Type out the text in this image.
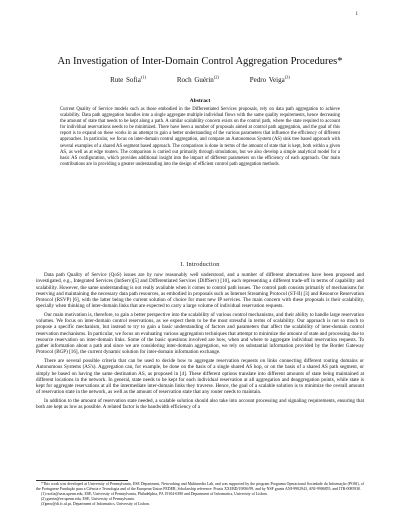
1
An Investigation of Inter-Domain Control Aggregation Procedures*
Rute Sofia$^{(1)}$	Roch Guérin$^{(2)}$	Pedro Veiga$^{(3)}$
Abstract
Current Quality of Service models such as those embodied in the Differentiated Services proposals, rely on data path aggregation to achieve scalability. Data path aggregation bundles into a single aggregate multiple individual flows with the same quality requirements, hence decreasing the amount of state that needs to be kept along a path. A similar scalability concern exists on the control path, where the state required to account for individual reservations needs to be minimized. There have been a number of proposals aimed at control path aggregation, and the goal of this report is to expand on these works in an attempt to gain a better understanding of the various parameters that influence the efficiency of different approaches. In particular, we focus on inter-domain control aggregation, and compare an Autonomous System (AS) sink tree based approach with several examples of a shared AS segment based approach. The comparison is done in terms of the amount of state that is kept, both within a given AS, as well as at edge routers. The comparison is carried out primarily through simulations, but we also develop a simple analytical model for a basic AS configuration, which provides additional insight into the impact of different parameters on the efficiency of each approach. Our main contributions are in providing a greater understanding into the design of efficient control path aggregation methods.
I. Introduction

Data path Quality of Service (QoS) issues are by now reasonably well understood, and a number of different alternatives have been proposed and investigated, e.g., Integrated Services (IntServ)[5] and Differentiated Services (DiffServ) [10], each representing a different trade-off in terms of capability and scalability. However, the same understanding is not really available when it comes to control path issues. The control path consists primarily of mechanisms for reserving and maintaining the necessary data path resources, as embodied in proposals such as Internet Streaming Protocol (ST-II) [3] and Resource Reservation Protocol (RSVP) [6], with the latter being the current solution of choice for most new IP services. The main concern with these proposals is their scalability, specially when thinking of inter-domain links that are expected to carry a large volume of individual reservation requests.

Our main motivation is, therefore, to gain a better perspective into the scalability of various control mechanisms, and their ability to handle large reservation volumes. We focus on inter-domain control reservations, as we expect them to be the most stressful in terms of scalability. Our approach is not so much to propose a specific mechanism, but instead to try to gain a basic understanding of factors and parameters that affect the scalability of inter-domain control reservation mechanisms. In particular, we focus on evaluating various aggregation techniques that attempt to minimize the amount of state and processing due to resource reservation on inter-domain links. Some of the basic questions involved are how, when and where to aggregate individual reservation requests. To gather information about a path and since we are considering inter-domain aggregation, we rely on substantial information provided by the Border Gateway Protocol (BGP) [16], the current dynamic solution for inter-domain information exchange.

There are several possible criteria that can be used to decide how to aggregate reservation requests on links connecting different routing domains or Autonomous Systems (AS's). Aggregation can, for example, be done on the basis of a single shared AS hop, or on the basis of a shared AS path segment, or simply be based on having the same destination AS, as proposed in [4]. These different options translate into different amounts of state being maintained at different locations in the network. In general, state needs to be kept for each individual reservation at all aggregation and deaggregation points, while state is kept for aggregate reservations at all the intermediate inter-domain links they traverse. Hence, the goal of a scalable solution is to minimize the overall amount of reservation state in the network, as well as the amount of reservation state that any router needs to maintain.

In addition to the amount of reservation state needed, a scalable solution should also take into account processing and signaling requirements, ensuring that both are kept as low as possible. A related factor is the bandwidth efficiency of a

*This work was developed at University of Pennsylvania, ESE Department, Networking and Multimedia Lab, and was supported by the program Programa Operacional Sociedade da Informação (POSI), of the Portuguese Fundação para a Ciência e Tecnologia and of the European Union FEDER, Scholarship reference: Praxis XXI/BD/19836/99, and by NSF grants ANI-9902943, ANI-9906855, and ITR-0085930.
(1) rsofia@seas.upenn.edu, ESE, University of Pennsylvania, Philadelphia, PA 19104-6390 and Department of Informatics, University of Lisbon.
(2) guerin@ee.upenn.edu, ESE, University of Pennsylvania.
(3)pmv@di.fc.ul.pt, Department of Informatics, University of Lisbon.
